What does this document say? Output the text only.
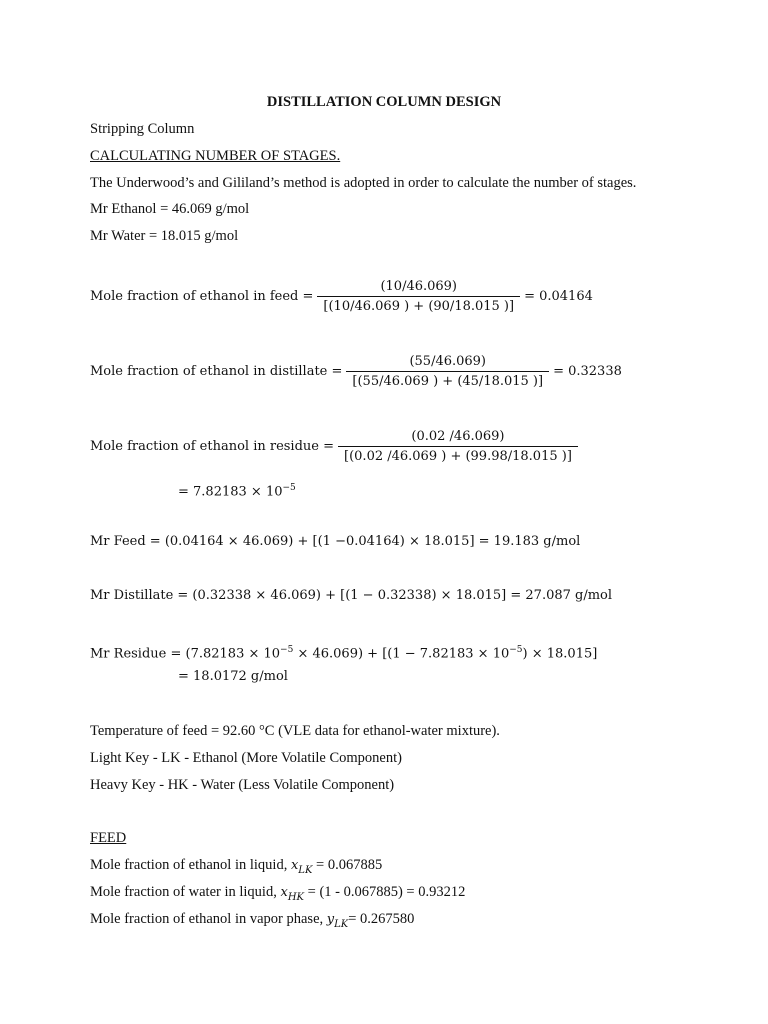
DISTILLATION COLUMN DESIGN
Stripping Column
CALCULATING NUMBER OF STAGES.
The Underwood’s and Gililand’s method is adopted in order to calculate the number of stages.
Mr Ethanol = 46.069 g/mol
Mr Water = 18.015 g/mol
Mole fraction of ethanol in feed = $\frac{(10/46.069)}{[(10/46.069 ) + (90/18.015 )]} = 0.04164$
Mole fraction of ethanol in distillate = $\frac{(55/46.069)}{[(55/46.069 ) + (45/18.015 )]} = 0.32338$
Mole fraction of ethanol in residue = $\frac{(0.02 /46.069)}{[(0.02 /46.069 ) + (99.98/18.015 )]}$
= $7.82183 \times 10^{-5}$
Mr Feed = (0.04164 × 46.069) + [(1 −0.04164) × 18.015] = 19.183 g/mol
Mr Distillate = (0.32338 × 46.069) + [(1 − 0.32338) × 18.015] = 27.087 g/mol
Mr Residue = $(7.82183 \times 10^{-5} \times 46.069) + [(1 - 7.82183 \times 10^{-5}) \times 18.015]$
= 18.0172 g/mol
Temperature of feed = 92.60 °C (VLE data for ethanol-water mixture).
Light Key - LK - Ethanol (More Volatile Component)
Heavy Key - HK - Water (Less Volatile Component)
FEED
Mole fraction of ethanol in liquid, $x_{LK} = 0.067885$
Mole fraction of water in liquid, $x_{HK} = (1 - 0.067885) = 0.93212$
Mole fraction of ethanol in vapor phase, $y_{LK}= 0.267580$
